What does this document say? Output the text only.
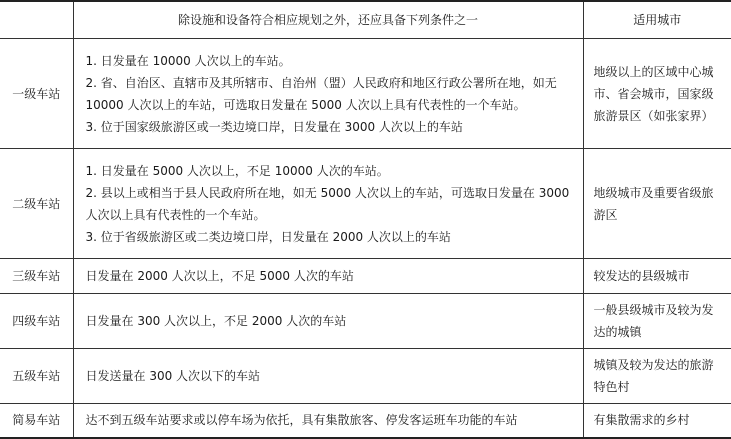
	除设施和设备符合相应规划之外，还应具备下列条件之一	适用城市
一级车站	1. 日发量在 10000 人次以上的车站。
2. 省、自治区、直辖市及其所辖市、自治州（盟）人民政府和地区行政公署所在地，如无 10000 人次以上的车站，可选取日发量在 5000 人次以上具有代表性的一个车站。
3. 位于国家级旅游区或一类边境口岸，日发量在 3000 人次以上的车站	地级以上的区域中心城市、省会城市，国家级旅游景区（如张家界）
二级车站	1. 日发量在 5000 人次以上，不足 10000 人次的车站。
2. 县以上或相当于县人民政府所在地，如无 5000 人次以上的车站，可选取日发量在 3000 人次以上具有代表性的一个车站。
3. 位于省级旅游区或二类边境口岸，日发量在 2000 人次以上的车站	地级城市及重要省级旅游区
三级车站	日发量在 2000 人次以上，不足 5000 人次的车站	较发达的县级城市
四级车站	日发量在 300 人次以上，不足 2000 人次的车站	一般县级城市及较为发达的城镇
五级车站	日发送量在 300 人次以下的车站	城镇及较为发达的旅游特色村
简易车站	达不到五级车站要求或以停车场为依托，具有集散旅客、停发客运班车功能的车站	有集散需求的乡村
